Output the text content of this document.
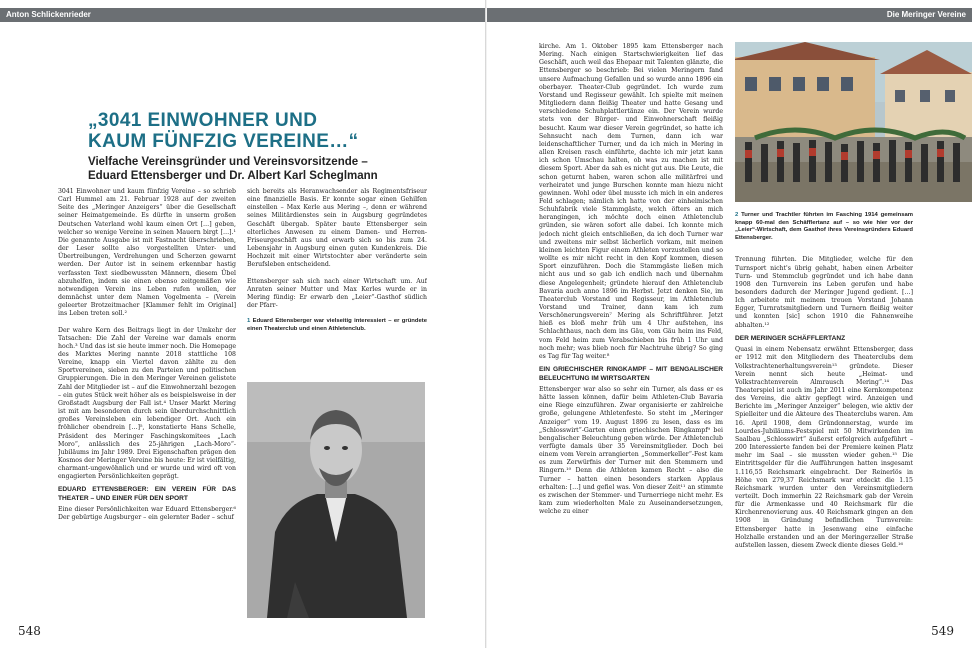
Anton Schlickenrieder	Die Meringer Vereine
„3041 EINWOHNER UND
KAUM FÜNFZIG VEREINE…“
Vielfache Vereinsgründer und Vereinsvorsitzende –
Eduard Ettensberger und Dr. Albert Karl Scheglmann

3041 Einwohner und kaum fünfzig Vereine – so schrieb Carl Hummel am 21. Februar 1928 auf der zweiten Seite des „Meringer Anzeigers“ über die Gesellschaft seiner Heimatgemeinde. Es dürfte in unserm großen Deutschen Vaterland wohl kaum einen Ort […] geben, welcher so wenige Vereine in seinen Mauern birgt […].¹ Die genannte Ausgabe ist mit Fastnacht überschrieben, der Leser sollte also vorgestellten Unter- und Übertreibungen, Verdrehungen und Scherzen gewarnt werden. Der Autor ist in seinem erkennbar hastig verfassten Text siedbewussten Männern, diesem Übel abzuhelfen, indem sie einen ebenso zeitgemäßen wie notwendigen Verein ins Leben rufen wollen, der demnächst unter dem Namen Vogelmenta – (Verein geleerter Brotzeitmacher [Klammer fehlt im Original] ins Leben treten soll.²

Der wahre Kern des Beitrags liegt in der Umkehr der Tatsachen: Die Zahl der Vereine war damals enorm hoch.³ Und das ist sie heute immer noch. Die Homepage des Marktes Mering nannte 2018 stattliche 108 Vereine, knapp ein Viertel davon zählte zu den Sportvereinen, sieben zu den Parteien und politischen Gruppierungen. Die in den Meringer Vereinen gelistete Zahl der Mitglieder ist – auf die Einwohnerzahl bezogen – ein gutes Stück weit höher als es beispielsweise in der Großstadt Augsburg der Fall ist.⁴ Unser Markt Mering ist mit am besonderen durch sein überdurchschnittlich großes Vereinsleben ein lebendiger Ort. Auch ein fröhlicher obendrein […]⁵, konstatierte Hans Schelle, Präsident des Meringer Faschingskomitees „Lach Moro“, anlässlich des 25-jährigen „Lach-Moro“-Jubiläums im Jahr 1989. Drei Eigenschaften prägen den Kosmos der Meringer Vereine bis heute: Er ist vielfältig, charmant-ungewöhnlich und er wurde und wird oft von engagierten Persönlichkeiten geprägt.

EDUARD ETTENSBERGER: EIN VEREIN FÜR DAS THEATER – UND EINER FÜR DEN SPORT

Eine dieser Persönlichkeiten war Eduard Ettensberger.⁶ Der gebürtige Augsburger – ein gelernter Bader – schuf

sich bereits als Heranwachsender als Regimentsfriseur eine finanzielle Basis. Er konnte sogar einen Gehilfen einstellen – Max Kerle aus Mering –, denn er während seines Militärdienstes sein in Augsburg gegründetes Geschäft übergab. Später baute Ettensberger sein elterliches Anwesen zu einem Damen- und Herren-Friseurgeschäft aus und erwarb sich so bis zum 24. Lebensjahr in Augsburg einen guten Kundenkreis. Die Hochzeit mit einer Wirtstochter aber veränderte sein Berufsleben entscheidend.

Ettensberger sah sich nach einer Wirtschaft um. Auf Anraten seiner Mutter und Max Kerles wurde er in Mering fündig: Er erwarb den „Leier“-Gasthof südlich der Pfarr-

1 Eduard Ettensberger war vielseitig interessiert – er gründete einen Theaterclub und einen Athletenclub.
548

kirche. Am 1. Oktober 1895 kam Ettensberger nach Mering. Nach einigen Startschwierigkeiten lief das Geschäft, auch weil das Ehepaar mit Talenten glänzte, die Ettensberger so beschrieb: Bei vielen Meringern fand unsere Aufmachung Gefallen und so wurde anno 1896 ein oberbayer. Theater-Club gegründet. Ich wurde zum Vorstand und Regisseur gewählt. Ich spielte mit meinen Mitgliedern dann fleißig Theater und hatte Gesang und verschiedene Schuhplattlertänze ein. Der Verein wurde stets von der Bürger- und Einwohnerschaft fleißig besucht. Kaum war dieser Verein gegründet, so hatte ich Sehnsucht nach dem Turnen, dann ich war leidenschaftlicher Turner, und da ich mich in Mering in allen Kreisen rasch einführte, dachte ich mir jetzt kann ich schon Umschau halten, ob was zu machen ist mit diesem Sport. Aber da sah es nicht gut aus. Die Leute, die schon geturnt haben, waren schon alle militärfrei und verheiratet und junge Burschen konnte man hiezu nicht gewinnen. Wohl oder übel musste ich mich in ein anderes Feld schlagen; nämlich ich hatte von der einheimischen Schuhfabrik viele Stammgäste, welch öfters an mich herangingen, ich möchte doch einen Athletenclub gründen, sie wären sofort alle dabei. Ich konnte mich jedoch nicht gleich entschließen, da ich doch Turner war und zweitens mir selbst lächerlich vorkam, mit meinen kleinen leichten Figur einem Athleten vorzustellen und so wollte es mir nicht recht in den Kopf kommen, diesen Sport einzuführen. Doch die Stammgäste ließen mich nicht aus und so gab ich endlich nach und übernahm diese Angelegenheit; gründete hierauf den Athletenclub Bavaria auch anno 1896 im Herbst. Jetzt denken Sie, im Theaterclub Vorstand und Regisseur, im Athletenclub Vorstand und Trainer, dann kam ich zum Verschönerungsverein⁷ Mering als Schriftführer. Jetzt hieß es bloß mehr früh um 4 Uhr aufstehen, ins Schlachthaus, nach dem ins Gäu, vom Gäu heim ins Feld, vom Feld heim zum Verabschieben bis früh 1 Uhr und noch mehr; was blieb noch für Nachtruhe übrig? So ging es Tag für Tag weiter.⁸

EIN GRIECHISCHER RINGKAMPF – MIT BENGALISCHER BELEUCHTUNG IM WIRTSGARTEN

Ettensberger war also so sehr ein Turner, als dass er es hätte lassen können, dafür beim Athleten-Club Bavaria eine Riege einzuführen. Zwar organisierte er zahlreiche große, gelungene Athletenfeste. So steht im „Meringer Anzeiger“ vom 19. August 1896 zu lesen, dass es im „Schlosswirt“-Garten einen griechischen Ringkampf⁹ bei bengalischer Beleuchtung geben würde. Der Athletenclub verfügte damals über 35 Vereinsmitglieder. Doch bei einem vom Verein arrangierten „Sommerkeller“-Fest kam es zum Zerwürfnis der Turner mit den Stemmern und Ringern.¹⁰ Denn die Athleten kamen Recht – also die Turner – hatten einen besonders starken Applaus erhalten: […] und gefiel was. Von dieser Zeit¹¹ an stimmte es zwischen der Stemmer- und Turnerriege nicht mehr. Es kam zum wiederholten Male zu Auseinandersetzungen, welche zu einer

2 Turner und Trachtler führten im Fasching 1914 gemeinsam knapp 60-mal den Schäfflertanz auf – so wie hier vor der „Leier“-Wirtschaft, dem Gasthof ihres Vereinsgründers Eduard Ettensberger.

Trennung führten. Die Mitglieder, welche für den Turnsport nicht's übrig gehabt, haben einen Arbeiter Turn- und Stemmclub gegründet und ich habe dann 1908 den Turnverein ins Leben gerufen und habe besonders dadurch der Meringer Jugend gedient. […] Ich arbeitete mit meinem treuen Vorstand Johann Egger, Turnratsmitgliedern und Turnern fleißig weiter und konnten [sic] schon 1910 die Fahnenweihe abhalten.¹²

DER MERINGER SCHÄFFLERTANZ

Quasi in einem Nebensatz erwähnt Ettensberger, dass er 1912 mit den Mitgliedern des Theaterclubs dem Volkstrachtenerhaltungsverein¹³ gründete. Dieser Verein nennt sich heute „Heimat- und Volkstrachtenverein Almrausch Mering“.¹⁴ Das Theaterspiel ist auch im Jahr 2011 eine Kernkompetenz des Vereins, die aktiv gepflegt wird. Anzeigen und Berichte im „Meringer Anzeiger“ belegen, wie aktiv der Spielleiter und die Akteure des Theaterclubs waren. Am 16. April 1908, dem Gründonnerstag, wurde im Lourdes-Jubiläums-Festspiel mit 50 Mitwirkenden im Saalbau „Schlosswirt“ äußerst erfolgreich aufgeführt – 200 Interessierte fanden bei der Premiere keinen Platz mehr im Saal – sie mussten wieder gehen.¹⁵ Die Eintrittsgelder für die Aufführungen hatten insgesamt 1.116,55 Reichsmark eingebracht. Der Reinerlös in Höhe von 279,37 Reichsmark war etdeckt die 1.15 Reichsmark wurden unter den Vereinsmitgliedern verteilt. Doch immerhin 22 Reichsmark gab der Verein für die Armenkasse und 40 Reichsmark für die Kirchenrenovierung aus. 40 Reichsmark gingen an den 1908 in Gründung befindlichen Turnverein: Ettensberger hatte in Jesenwang eine einfache Holzhalle erstanden und an der Meringerzeller Straße aufstellen lassen, diesem Zweck diente dieses Geld.¹⁶

549
